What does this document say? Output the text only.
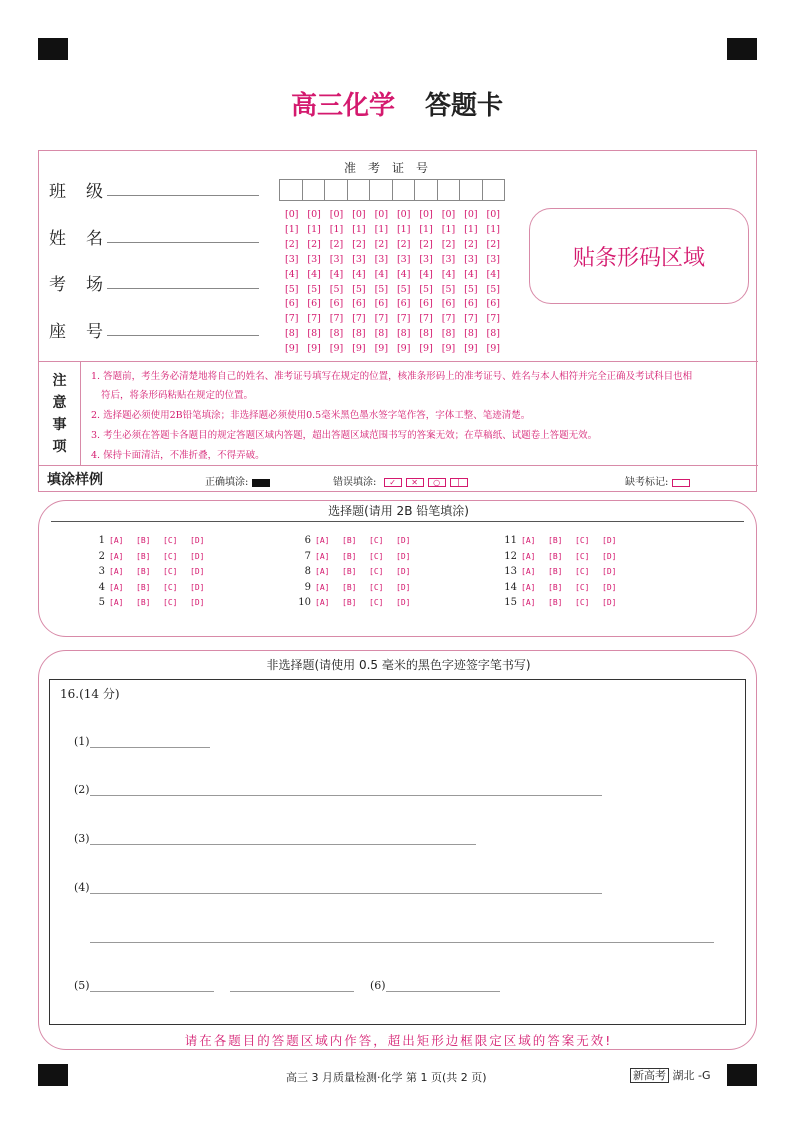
高三化学 答题卡
班级
姓名
考场
座号
准考证号
[0] [0] [0] [0] [0] [0] [0] [0] [0] [0]
[1] [1] [1] [1] [1] [1] [1] [1] [1] [1]
[2] [2] [2] [2] [2] [2] [2] [2] [2] [2]
[3] [3] [3] [3] [3] [3] [3] [3] [3] [3]
[4] [4] [4] [4] [4] [4] [4] [4] [4] [4]
[5] [5] [5] [5] [5] [5] [5] [5] [5] [5]
[6] [6] [6] [6] [6] [6] [6] [6] [6] [6]
[7] [7] [7] [7] [7] [7] [7] [7] [7] [7]
[8] [8] [8] [8] [8] [8] [8] [8] [8] [8]
[9] [9] [9] [9] [9] [9] [9] [9] [9] [9]
贴条形码区域
注
意
事
项
1. 答题前，考生务必清楚地将自己的姓名、准考证号填写在规定的位置，核准条形码上的准考证号、姓名与本人相符并完全正确及考试科目也相
符后，将条形码粘贴在规定的位置。
2. 选择题必须使用2B铅笔填涂；非选择题必须使用0.5毫米黑色墨水签字笔作答，字体工整、笔迹清楚。
3. 考生必须在答题卡各题目的规定答题区域内答题，超出答题区域范围书写的答案无效；在草稿纸、试题卷上答题无效。
4. 保持卡面清洁，不准折叠，不得弄破。
填涂样例	正确填涂:	错误填涂: ✓ ✕ ○ |	缺考标记:
选择题(请用 2B 铅笔填涂)
1 [A] [B] [C] [D]
2 [A] [B] [C] [D]
3 [A] [B] [C] [D]
4 [A] [B] [C] [D]
5 [A] [B] [C] [D]
6 [A] [B] [C] [D]
7 [A] [B] [C] [D]
8 [A] [B] [C] [D]
9 [A] [B] [C] [D]
10 [A] [B] [C] [D]
11 [A] [B] [C] [D]
12 [A] [B] [C] [D]
13 [A] [B] [C] [D]
14 [A] [B] [C] [D]
15 [A] [B] [C] [D]
非选择题(请使用 0.5 毫米的黑色字迹签字笔书写)
16.(14 分)
(1)
(2)
(3)
(4)
(5)	(6)
请在各题目的答题区域内作答，超出矩形边框限定区域的答案无效!
高三 3 月质量检测·化学 第 1 页(共 2 页)	新高考 湖北 -G
